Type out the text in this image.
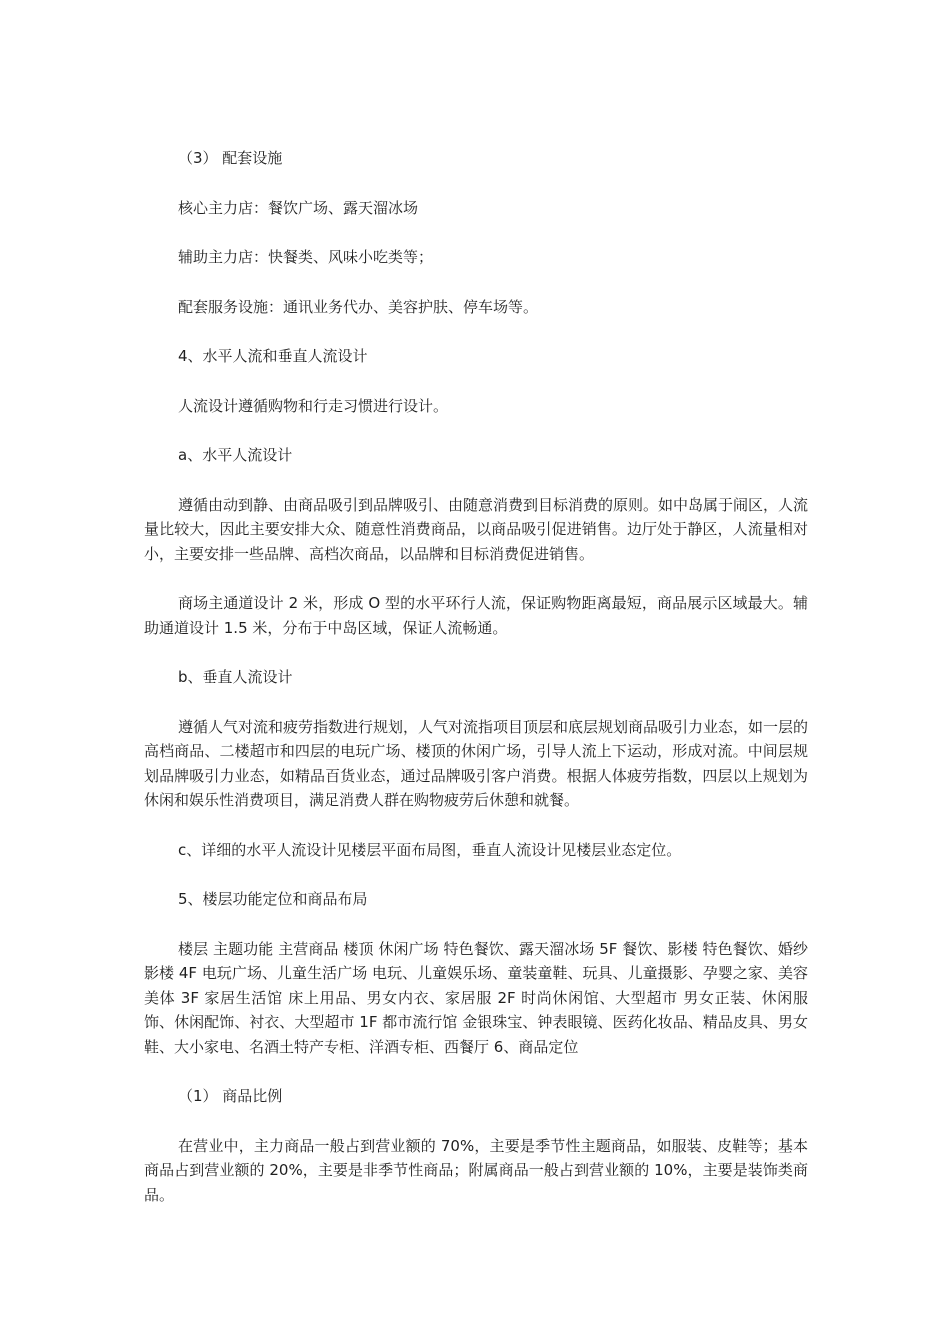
（3） 配套设施

核心主力店：餐饮广场、露天溜冰场

辅助主力店：快餐类、风味小吃类等；

配套服务设施：通讯业务代办、美容护肤、停车场等。

4、水平人流和垂直人流设计

人流设计遵循购物和行走习惯进行设计。

a、水平人流设计

遵循由动到静、由商品吸引到品牌吸引、由随意消费到目标消费的原则。如中岛属于闹区，人流量比较大，因此主要安排大众、随意性消费商品，以商品吸引促进销售。边厅处于静区，人流量相对小，主要安排一些品牌、高档次商品，以品牌和目标消费促进销售。

商场主通道设计 2 米，形成 O 型的水平环行人流，保证购物距离最短，商品展示区域最大。辅助通道设计 1.5 米，分布于中岛区域，保证人流畅通。

b、垂直人流设计

遵循人气对流和疲劳指数进行规划，人气对流指项目顶层和底层规划商品吸引力业态，如一层的高档商品、二楼超市和四层的电玩广场、楼顶的休闲广场，引导人流上下运动，形成对流。中间层规划品牌吸引力业态，如精品百货业态，通过品牌吸引客户消费。根据人体疲劳指数，四层以上规划为休闲和娱乐性消费项目，满足消费人群在购物疲劳后休憩和就餐。

c、详细的水平人流设计见楼层平面布局图，垂直人流设计见楼层业态定位。

5、楼层功能定位和商品布局

楼层 主题功能 主营商品 楼顶 休闲广场 特色餐饮、露天溜冰场 5F 餐饮、影楼 特色餐饮、婚纱影楼 4F 电玩广场、儿童生活广场 电玩、儿童娱乐场、童装童鞋、玩具、儿童摄影、孕婴之家、美容美体 3F 家居生活馆 床上用品、男女内衣、家居服 2F 时尚休闲馆、大型超市 男女正装、休闲服饰、休闲配饰、衬衣、大型超市 1F 都市流行馆 金银珠宝、钟表眼镜、医药化妆品、精品皮具、男女鞋、大小家电、名酒土特产专柜、洋酒专柜、西餐厅 6、商品定位

（1） 商品比例

在营业中，主力商品一般占到营业额的 70%，主要是季节性主题商品，如服装、皮鞋等；基本商品占到营业额的 20%，主要是非季节性商品；附属商品一般占到营业额的 10%，主要是装饰类商品。
